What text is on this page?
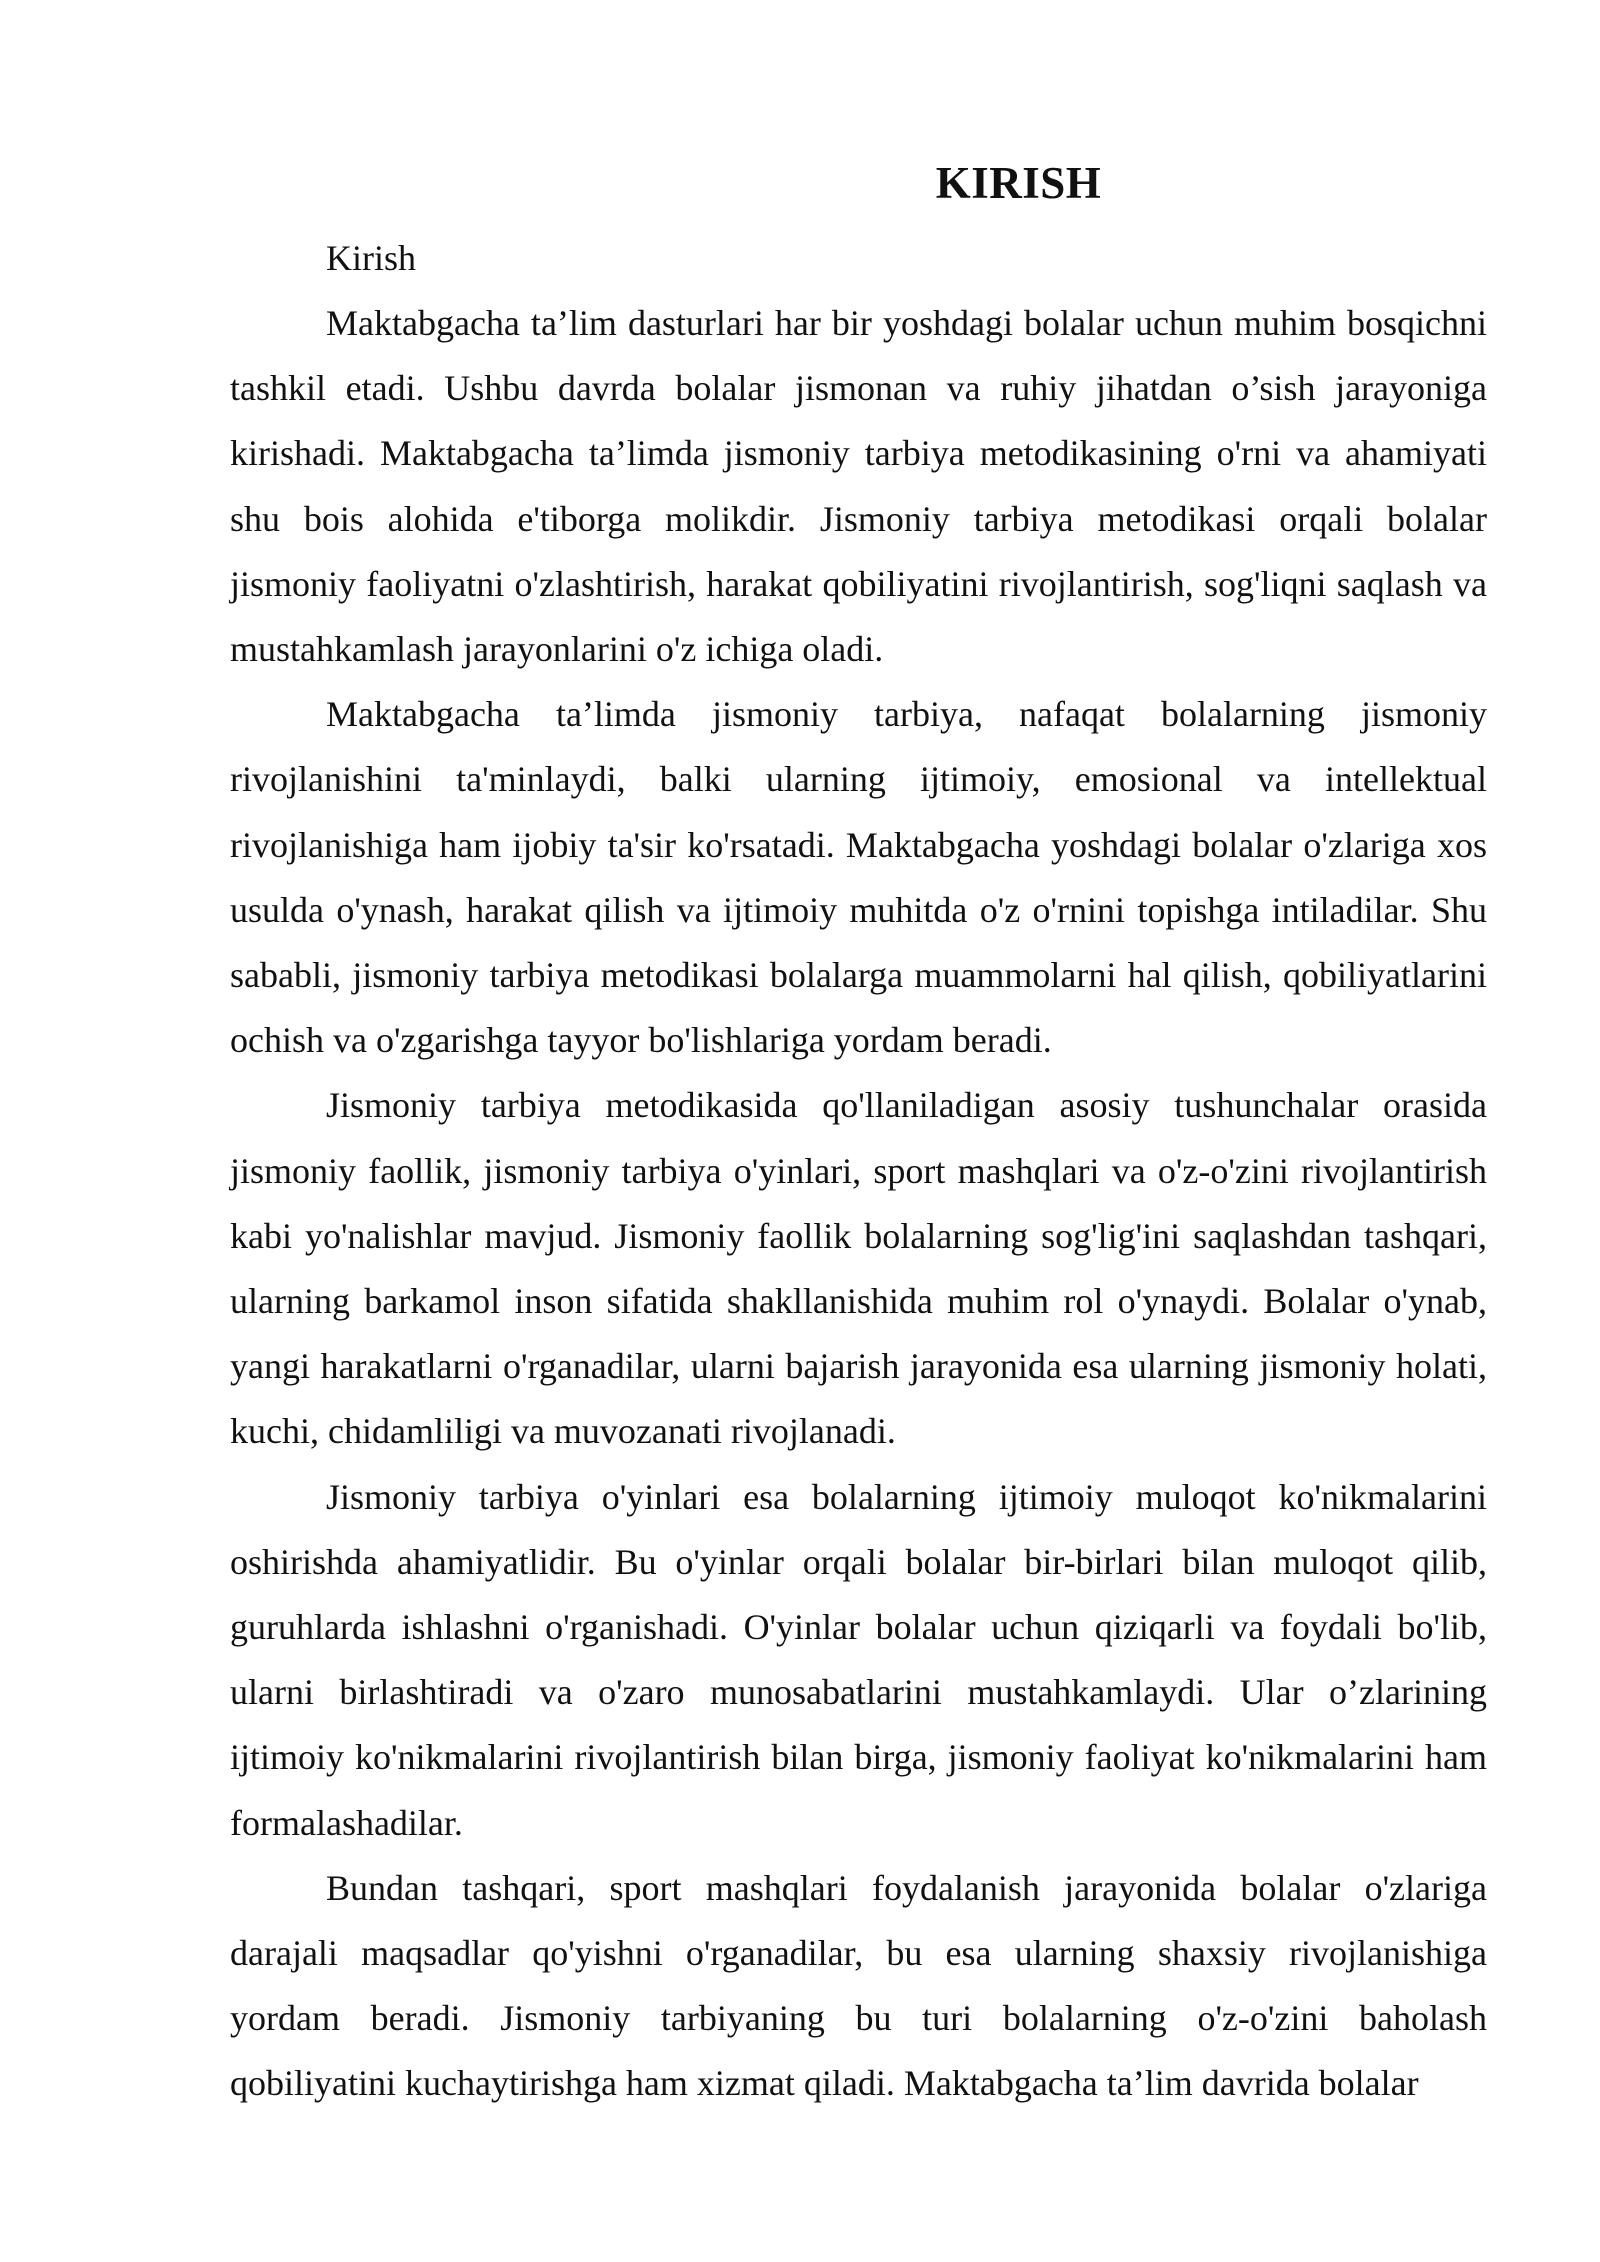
KIRISH

Kirish

Maktabgacha ta’lim dasturlari har bir yoshdagi bolalar uchun muhim bosqichni tashkil etadi. Ushbu davrda bolalar jismonan va ruhiy jihatdan o’sish jarayoniga kirishadi. Maktabgacha ta’limda jismoniy tarbiya metodikasining o'rni va ahamiyati shu bois alohida e'tiborga molikdir. Jismoniy tarbiya metodikasi orqali bolalar jismoniy faoliyatni o'zlashtirish, harakat qobiliyatini rivojlantirish, sog'liqni saqlash va mustahkamlash jarayonlarini o'z ichiga oladi.

Maktabgacha ta’limda jismoniy tarbiya, nafaqat bolalarning jismoniy rivojlanishini ta'minlaydi, balki ularning ijtimoiy, emosional va intellektual rivojlanishiga ham ijobiy ta'sir ko'rsatadi. Maktabgacha yoshdagi bolalar o'zlariga xos usulda o'ynash, harakat qilish va ijtimoiy muhitda o'z o'rnini topishga intiladilar. Shu sababli, jismoniy tarbiya metodikasi bolalarga muammolarni hal qilish, qobiliyatlarini ochish va o'zgarishga tayyor bo'lishlariga yordam beradi.

Jismoniy tarbiya metodikasida qo'llaniladigan asosiy tushunchalar orasida jismoniy faollik, jismoniy tarbiya o'yinlari, sport mashqlari va o'z-o'zini rivojlantirish kabi yo'nalishlar mavjud. Jismoniy faollik bolalarning sog'lig'ini saqlashdan tashqari, ularning barkamol inson sifatida shakllanishida muhim rol o'ynaydi. Bolalar o'ynab, yangi harakatlarni o'rganadilar, ularni bajarish jarayonida esa ularning jismoniy holati, kuchi, chidamliligi va muvozanati rivojlanadi.

Jismoniy tarbiya o'yinlari esa bolalarning ijtimoiy muloqot ko'nikmalarini oshirishda ahamiyatlidir. Bu o'yinlar orqali bolalar bir-birlari bilan muloqot qilib, guruhlarda ishlashni o'rganishadi. O'yinlar bolalar uchun qiziqarli va foydali bo'lib, ularni birlashtiradi va o'zaro munosabatlarini mustahkamlaydi. Ular o’zlarining ijtimoiy ko'nikmalarini rivojlantirish bilan birga, jismoniy faoliyat ko'nikmalarini ham formalashadilar.

Bundan tashqari, sport mashqlari foydalanish jarayonida bolalar o'zlariga darajali maqsadlar qo'yishni o'rganadilar, bu esa ularning shaxsiy rivojlanishiga yordam beradi. Jismoniy tarbiyaning bu turi bolalarning o'z-o'zini baholash qobiliyatini kuchaytirishga ham xizmat qiladi. Maktabgacha ta’lim davrida bolalar
